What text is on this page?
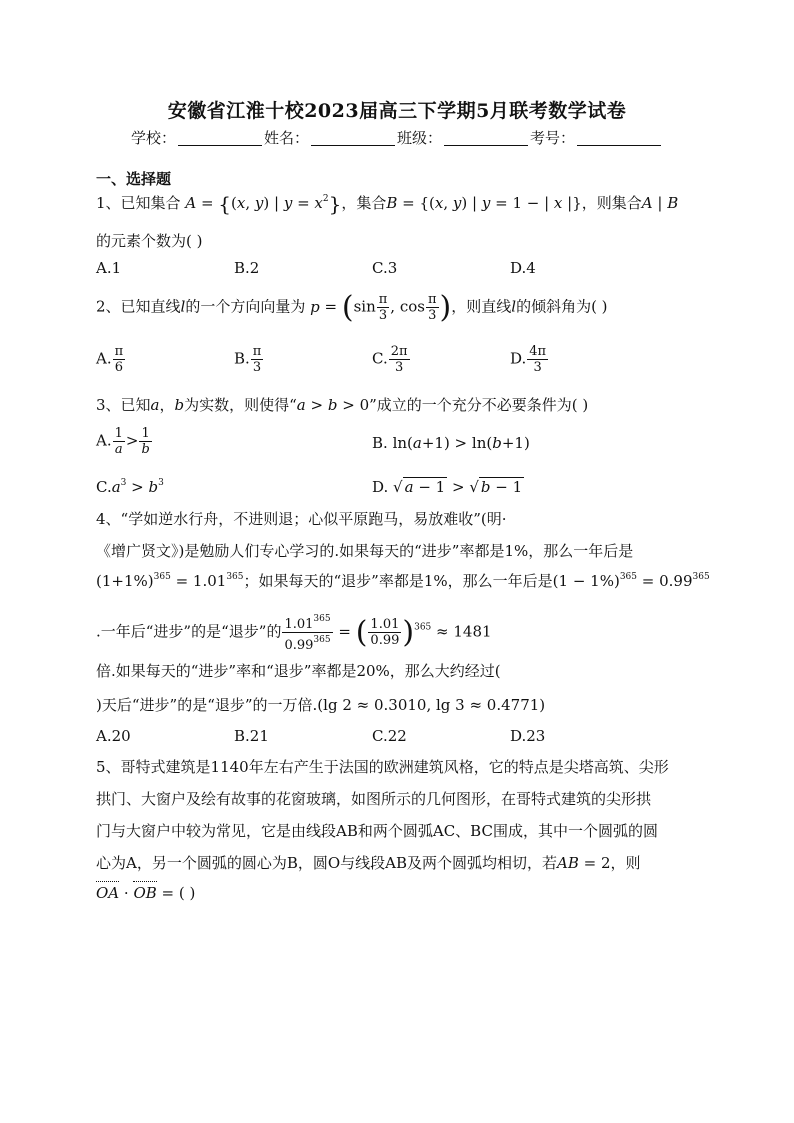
安徽省江淮十校2023届高三下学期5月联考数学试卷
学校：	姓名：	班级：	考号：
一、选择题
1、已知集合 A = {(x, y) | $y = x^2$}，集合B = {(x, y) | y = 1 − | x |}，则集合A | B
的元素个数为( )
A.1	B.2	C.3	D.4
2、已知直线l的一个方向向量为 $p = (\sin \frac{\pi}{3}$ , $\cos \frac{\pi}{3}$ )，则直线l的倾斜角为( )
A. $\frac{\pi}{6}$	B. $\frac{\pi}{3}$	C. $\frac{2\pi}{3}$	D. $\frac{4\pi}{3}$
3、已知a，b为实数，则使得“a > b > 0”成立的一个充分不必要条件为( )
A. $\frac{1}{a} > \frac{1}{b}$	B. ln(a+1) > ln(b+1)
$C.a^3 > b^3$	D. √ a − 1 > √ b − 1
4、“学如逆水行舟，不进则退；心似平原跑马，易放难收”(明·
《增广贤文》)是勉励人们专心学习的.如果每天的“进步”率都是1%，那么一年后是
$(1+1\%)^{365} = 1.01^{365}$；如果每天的“退步”率都是1%，那么一年后是$(1 - 1\%)^{365} = 0.99^{365}$
.一年后“进步”的是“退步”的 $\frac{1.01^{365}}{0.99^{365}}$ = ( $\frac{1.01}{0.99} )^{365} \approx 1481$
倍.如果每天的“进步”率和“退步”率都是20%，那么大约经过(
)天后“进步”的是“退步”的一万倍.(lg 2 ≈ 0.3010, lg 3 ≈ 0.4771)
A.20	B.21	C.22	D.23
5、哥特式建筑是1140年左右产生于法国的欧洲建筑风格，它的特点是尖塔高筑、尖形
拱门、大窗户及绘有故事的花窗玻璃，如图所示的几何图形，在哥特式建筑的尖形拱
门与大窗户中较为常见，它是由线段AB和两个圆弧AC、BC围成，其中一个圆弧的圆
心为A，另一个圆弧的圆心为B，圆O与线段AB及两个圆弧均相切，若AB = 2，则
OA · OB = ( )
